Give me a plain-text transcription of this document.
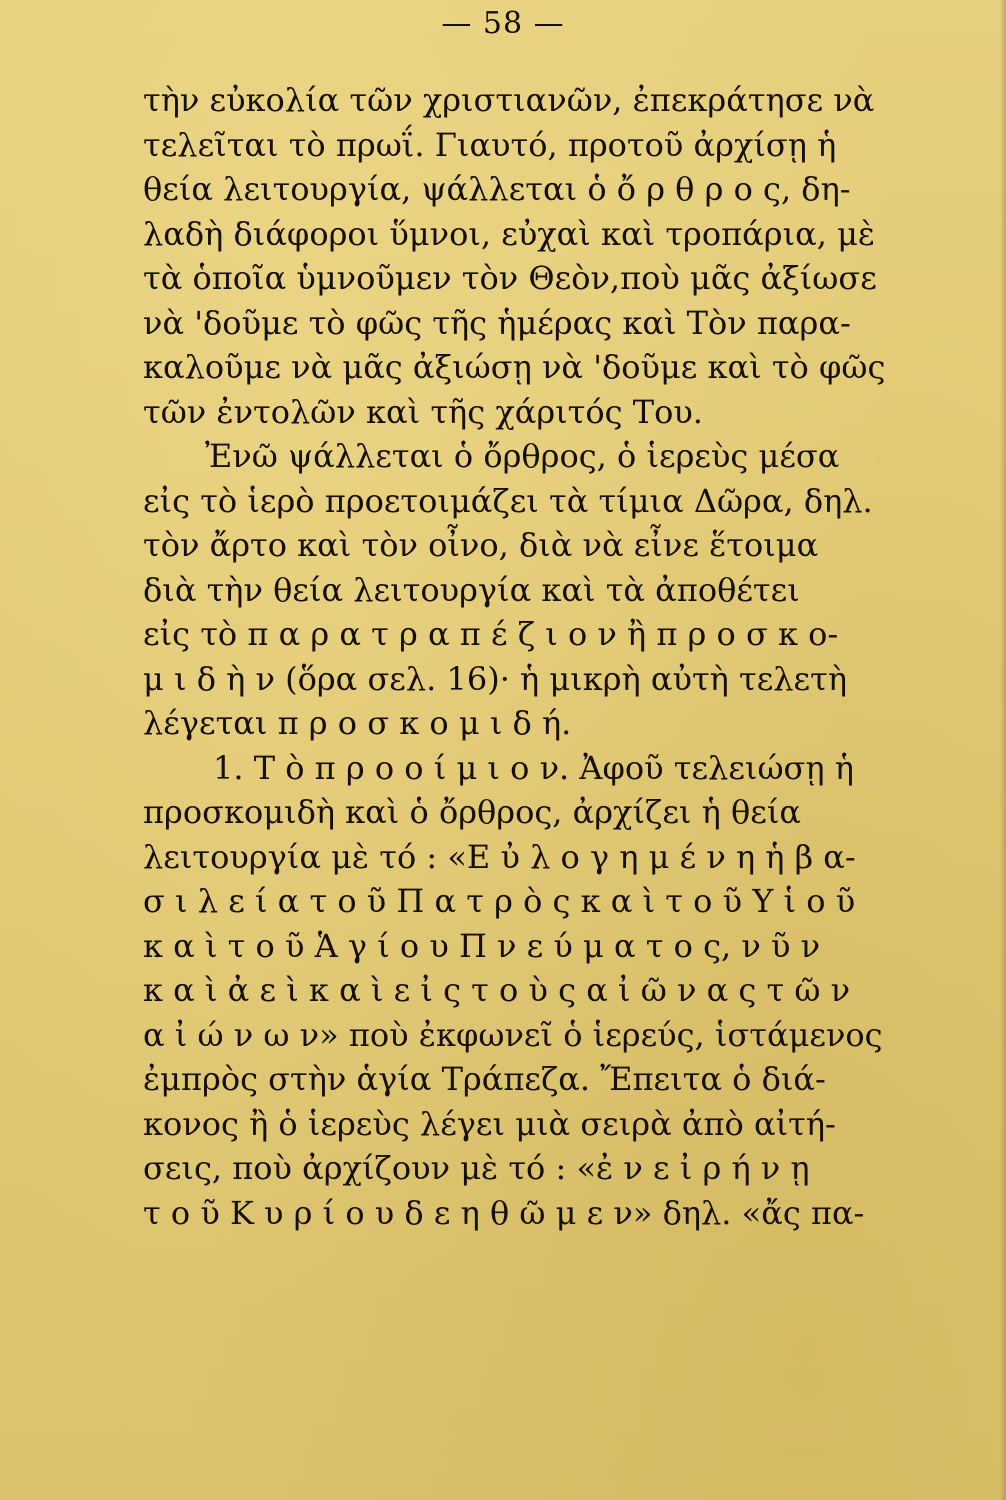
— 58 —
τὴν εὐκολία τῶν χριστιανῶν, ἐπεκράτησε νὰ
τελεῖται τὸ πρωΐ. Γιαυτό, προτοῦ ἀρχίσῃ ἡ
θεία λειτουργία, ψάλλεται ὁ ὄ ρ θ ρ ο ς, δη-
λαδὴ διάφοροι ὕμνοι, εὐχαὶ καὶ τροπάρια, μὲ
τὰ ὁποῖα ὑμνοῦμεν τὸν Θεὸν,ποὺ μᾶς ἀξίωσε
νὰ 'δοῦμε τὸ φῶς τῆς ἡμέρας καὶ Τὸν παρα-
καλοῦμε νὰ μᾶς ἀξιώσῃ νὰ 'δοῦμε καὶ τὸ φῶς
τῶν ἐντολῶν καὶ τῆς χάριτός Του.
Ἐνῶ ψάλλεται ὁ ὄρθρος, ὁ ἱερεὺς μέσα
εἰς τὸ ἱερὸ προετοιμάζει τὰ τίμια Δῶρα, δηλ.
τὸν ἄρτο καὶ τὸν οἶνο, διὰ νὰ εἶνε ἕτοιμα
διὰ τὴν θεία λειτουργία καὶ τὰ ἀποθέτει
εἰς τὸ π α ρ α τ ρ α π έ ζ ι ο ν ἢ π ρ ο σ κ ο-
μ ι δ ὴ ν (ὅρα σελ. 16)· ἡ μικρὴ αὐτὴ τελετὴ
λέγεται π ρ ο σ κ ο μ ι δ ή.
1. Τ ὸ π ρ ο ο ί μ ι ο ν. Ἀφοῦ τελειώσῃ ἡ
προσκομιδὴ καὶ ὁ ὄρθρος, ἀρχίζει ἡ θεία
λειτουργία μὲ τό : «Ε ὐ λ ο γ η μ έ ν η ἡ β α-
σ ι λ ε ί α τ ο ῦ Π α τ ρ ὸ ς κ α ὶ τ ο ῦ Υ ἱ ο ῦ
κ α ὶ τ ο ῦ Ἁ γ ί ο υ Π ν ε ύ μ α τ ο ς, ν ῦ ν
κ α ὶ ἀ ε ὶ κ α ὶ ε ἰ ς τ ο ὺ ς α ἰ ῶ ν α ς τ ῶ ν
α ἰ ώ ν ω ν» ποὺ ἐκφωνεῖ ὁ ἱερεύς, ἱστάμενος
ἐμπρὸς στὴν ἁγία Τράπεζα. Ἔπειτα ὁ διά-
κονος ἢ ὁ ἱερεὺς λέγει μιὰ σειρὰ ἀπὸ αἰτή-
σεις, ποὺ ἀρχίζουν μὲ τό : «ἐ ν ε ἰ ρ ή ν ῃ
τ ο ῦ Κ υ ρ ί ο υ δ ε η θ ῶ μ ε ν» δηλ. «ἄς πα-
